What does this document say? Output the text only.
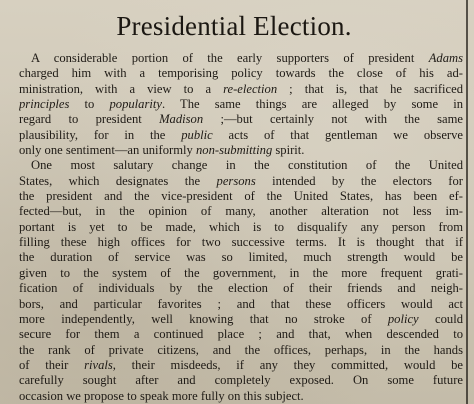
Presidential Election.
A considerable portion of the early supporters of president Adams
charged him with a temporising policy towards the close of his ad-
ministration, with a view to a re-election ; that is, that he sacrificed
principles to popularity. The same things are alleged by some in
regard to president Madison ;—but certainly not with the same
plausibility, for in the public acts of that gentleman we observe
only one sentiment—an uniformly non-submitting spirit.
One most salutary change in the constitution of the United
States, which designates the persons intended by the electors for
the president and the vice-president of the United States, has been ef-
fected—but, in the opinion of many, another alteration not less im-
portant is yet to be made, which is to disqualify any person from
filling these high offices for two successive terms. It is thought that if
the duration of service was so limited, much strength would be
given to the system of the government, in the more frequent grati-
fication of individuals by the election of their friends and neigh-
bors, and particular favorites ; and that these officers would act
more independently, well knowing that no stroke of policy could
secure for them a continued place ; and that, when descended to
the rank of private citizens, and the offices, perhaps, in the hands
of their rivals, their misdeeds, if any they committed, would be
carefully sought after and completely exposed. On some future
occasion we propose to speak more fully on this subject.
